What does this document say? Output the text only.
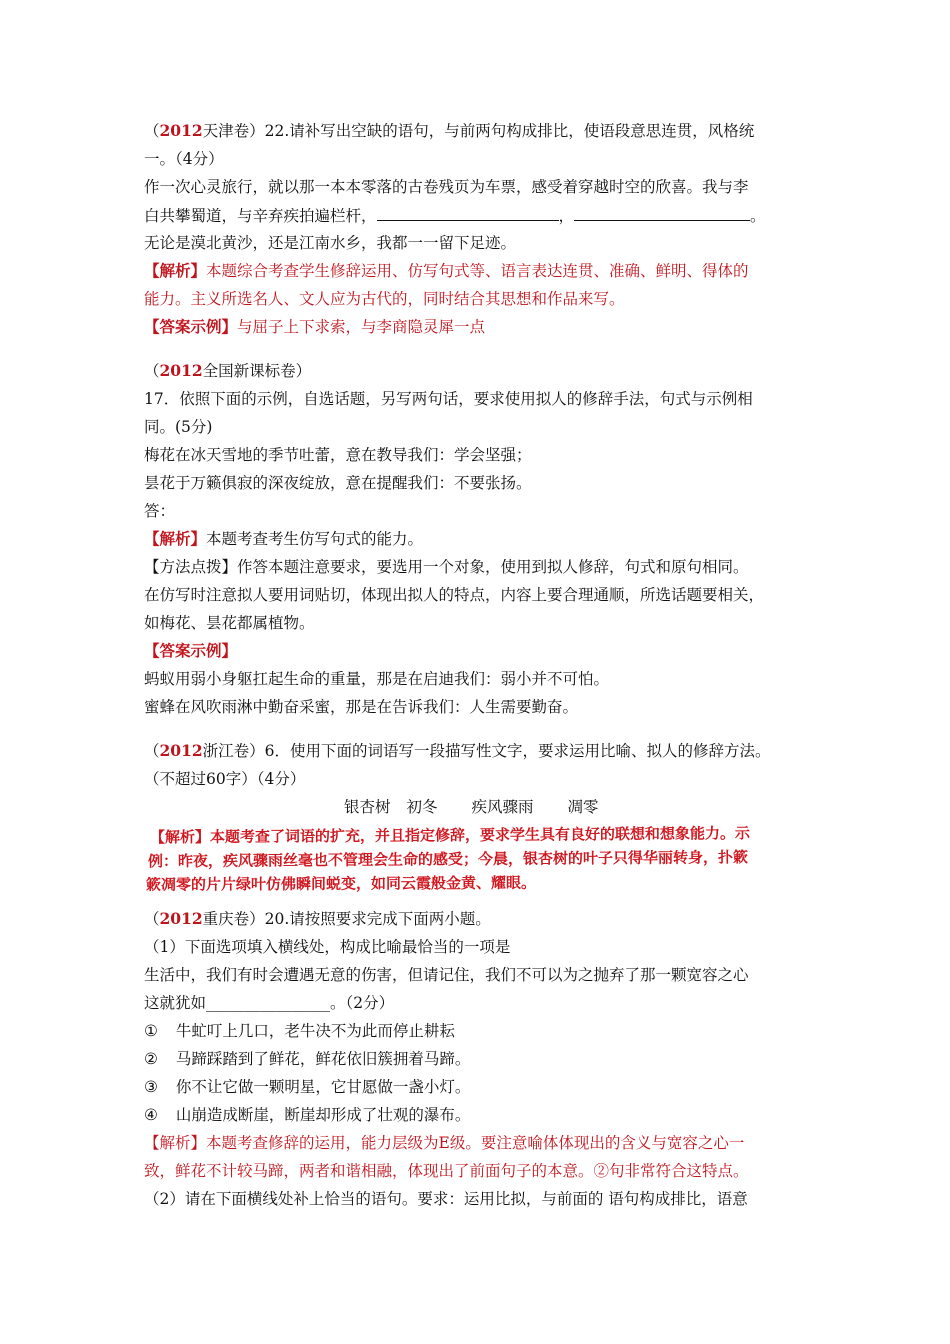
（2012天津卷）22.请补写出空缺的语句，与前两句构成排比，使语段意思连贯，风格统
一。（4分）
作一次心灵旅行，就以那一本本零落的古卷残页为车票，感受着穿越时空的欣喜。我与李
白共攀蜀道，与辛弃疾拍遍栏杆，	，	。
无论是漠北黄沙，还是江南水乡，我都一一留下足迹。
【解析】本题综合考查学生修辞运用、仿写句式等、语言表达连贯、准确、鲜明、得体的
能力。主义所选名人、文人应为古代的，同时结合其思想和作品来写。
【答案示例】与屈子上下求索，与李商隐灵犀一点
（2012全国新课标卷）
17．依照下面的示例，自选话题，另写两句话，要求使用拟人的修辞手法，句式与示例相
同。(5分)
梅花在冰天雪地的季节吐蕾，意在教导我们：学会坚强；
昙花于万籁俱寂的深夜绽放，意在提醒我们：不要张扬。
答：
【解析】本题考查考生仿写句式的能力。
【方法点拨】作答本题注意要求，要选用一个对象，使用到拟人修辞，句式和原句相同。
在仿写时注意拟人要用词贴切，体现出拟人的特点，内容上要合理通顺，所选话题要相关，
如梅花、昙花都属植物。
【答案示例】
蚂蚁用弱小身躯扛起生命的重量，那是在启迪我们：弱小并不可怕。
蜜蜂在风吹雨淋中勤奋采蜜，那是在告诉我们：人生需要勤奋。
（2012浙江卷）6．使用下面的词语写一段描写性文字，要求运用比喻、拟人的修辞方法。
（不超过60字）（4分）
银杏树 初冬 疾风骤雨 凋零
【解析】本题考查了词语的扩充，并且指定修辞，要求学生具有良好的联想和想象能力。示
例：昨夜，疾风骤雨丝毫也不管理会生命的感受；今晨，银杏树的叶子只得华丽转身，扑簌
簌凋零的片片绿叶仿佛瞬间蜕变，如同云霞般金黄、耀眼。
（2012重庆卷）20.请按照要求完成下面两小题。
（1）下面选项填入横线处，构成比喻最恰当的一项是
生活中，我们有时会遭遇无意的伤害，但请记住，我们不可以为之抛弃了那一颗宽容之心
这就犹如________________。（2分）
① 牛虻叮上几口，老牛决不为此而停止耕耘
② 马蹄踩踏到了鲜花，鲜花依旧簇拥着马蹄。
③ 你不让它做一颗明星，它甘愿做一盏小灯。
④ 山崩造成断崖，断崖却形成了壮观的瀑布。
【解析】本题考查修辞的运用，能力层级为E级。要注意喻体体现出的含义与宽容之心一
致，鲜花不计较马蹄，两者和谐相融，体现出了前面句子的本意。②句非常符合这特点。
（2）请在下面横线处补上恰当的语句。要求：运用比拟，与前面的 语句构成排比，语意
